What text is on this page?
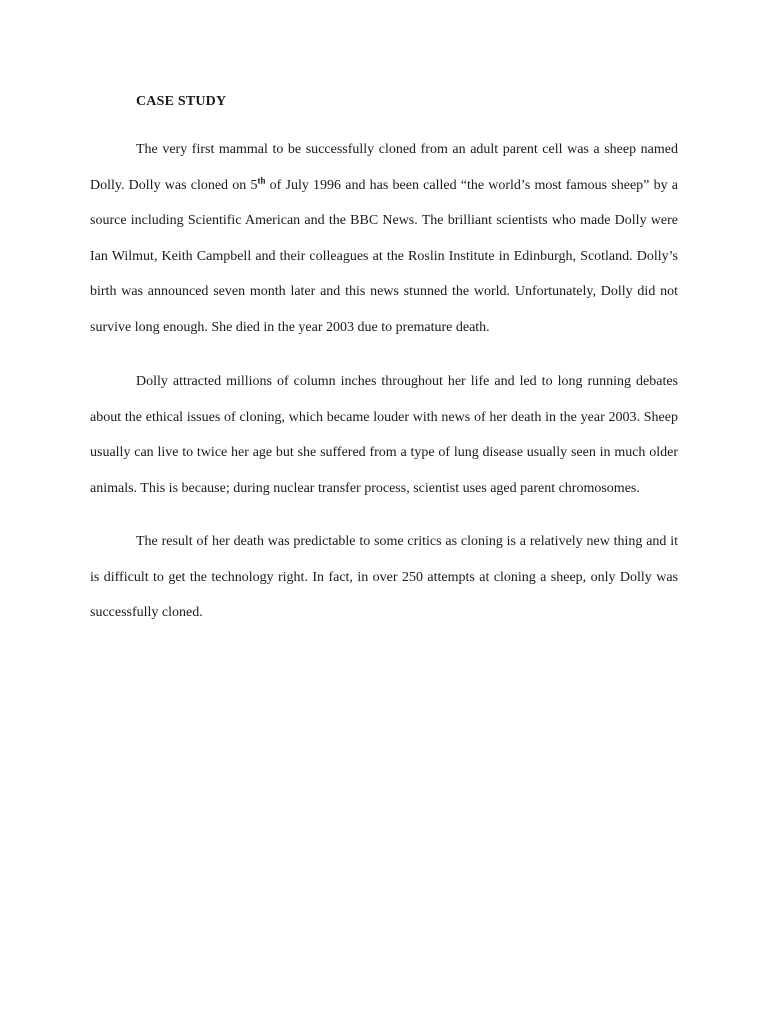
CASE STUDY

The very first mammal to be successfully cloned from an adult parent cell was a sheep named Dolly. Dolly was cloned on 5th of July 1996 and has been called “the world’s most famous sheep” by a source including Scientific American and the BBC News. The brilliant scientists who made Dolly were Ian Wilmut, Keith Campbell and their colleagues at the Roslin Institute in Edinburgh, Scotland. Dolly’s birth was announced seven month later and this news stunned the world. Unfortunately, Dolly did not survive long enough. She died in the year 2003 due to premature death.

Dolly attracted millions of column inches throughout her life and led to long running debates about the ethical issues of cloning, which became louder with news of her death in the year 2003. Sheep usually can live to twice her age but she suffered from a type of lung disease usually seen in much older animals. This is because; during nuclear transfer process, scientist uses aged parent chromosomes.

The result of her death was predictable to some critics as cloning is a relatively new thing and it is difficult to get the technology right. In fact, in over 250 attempts at cloning a sheep, only Dolly was successfully cloned.
